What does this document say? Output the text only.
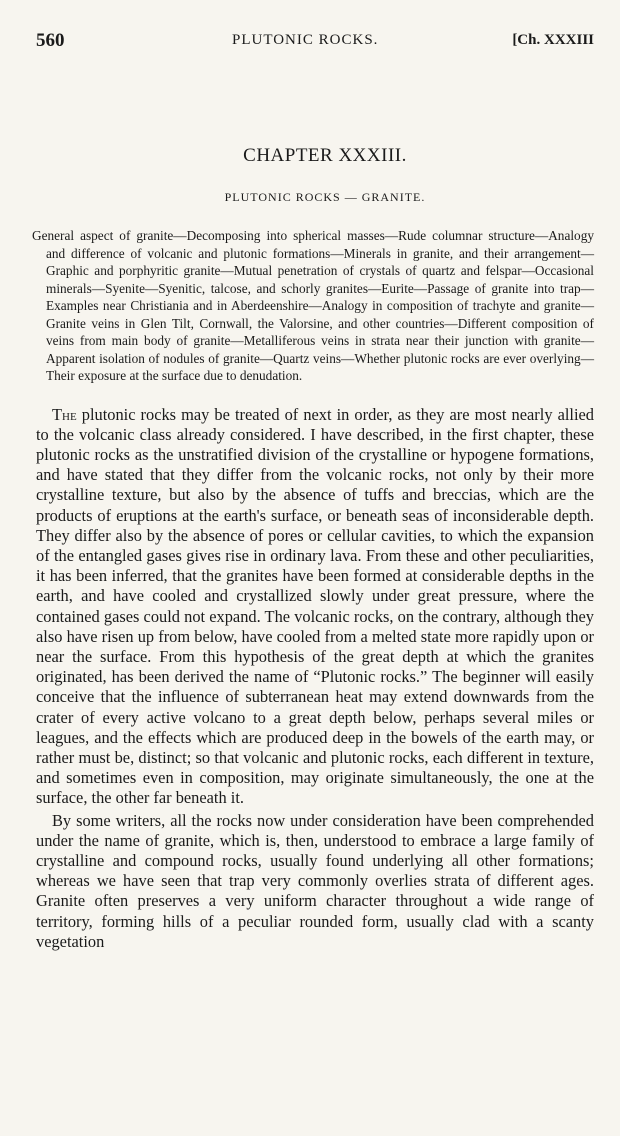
560	PLUTONIC ROCKS.	[Ch. XXXIII
CHAPTER XXXIII.
PLUTONIC ROCKS — GRANITE.
General aspect of granite—Decomposing into spherical masses—Rude columnar structure—Analogy and difference of volcanic and plutonic formations—Minerals in granite, and their arrangement—Graphic and porphyritic granite—Mutual penetration of crystals of quartz and felspar—Occasional minerals—Syenite—Syenitic, talcose, and schorly granites—Eurite—Passage of granite into trap—Examples near Christiania and in Aberdeenshire—Analogy in composition of trachyte and granite—Granite veins in Glen Tilt, Cornwall, the Valorsine, and other countries—Different composition of veins from main body of granite—Metalliferous veins in strata near their junction with granite—Apparent isolation of nodules of granite—Quartz veins—Whether plutonic rocks are ever overlying—Their exposure at the surface due to denudation.

The plutonic rocks may be treated of next in order, as they are most nearly allied to the volcanic class already considered. I have described, in the first chapter, these plutonic rocks as the unstratified division of the crystalline or hypogene formations, and have stated that they differ from the volcanic rocks, not only by their more crystalline texture, but also by the absence of tuffs and breccias, which are the products of eruptions at the earth's surface, or beneath seas of inconsiderable depth. They differ also by the absence of pores or cellular cavities, to which the expansion of the entangled gases gives rise in ordinary lava. From these and other peculiarities, it has been inferred, that the granites have been formed at considerable depths in the earth, and have cooled and crystallized slowly under great pressure, where the contained gases could not expand. The volcanic rocks, on the contrary, although they also have risen up from below, have cooled from a melted state more rapidly upon or near the surface. From this hypothesis of the great depth at which the granites originated, has been derived the name of “Plutonic rocks.” The beginner will easily conceive that the influence of subterranean heat may extend downwards from the crater of every active volcano to a great depth below, perhaps several miles or leagues, and the effects which are produced deep in the bowels of the earth may, or rather must be, distinct; so that volcanic and plutonic rocks, each different in texture, and sometimes even in composition, may originate simultaneously, the one at the surface, the other far beneath it.

By some writers, all the rocks now under consideration have been comprehended under the name of granite, which is, then, understood to embrace a large family of crystalline and compound rocks, usually found underlying all other formations; whereas we have seen that trap very commonly overlies strata of different ages. Granite often preserves a very uniform character throughout a wide range of territory, forming hills of a peculiar rounded form, usually clad with a scanty vegetation
